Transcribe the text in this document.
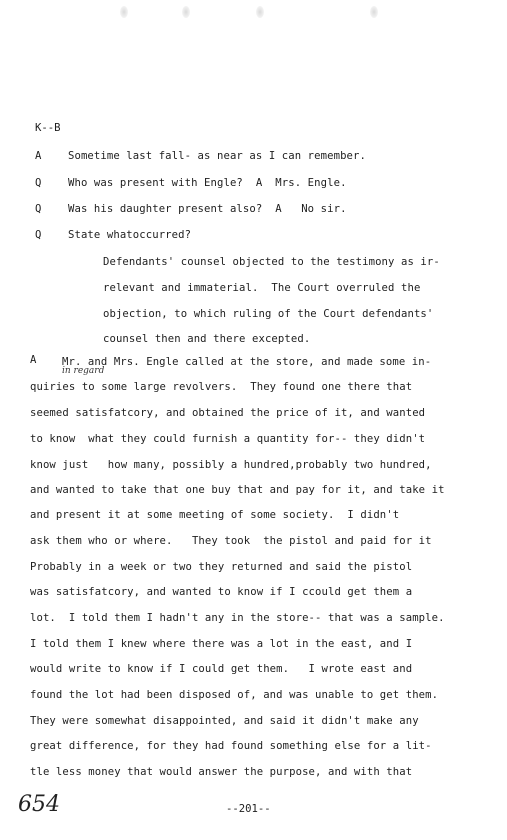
K--B
A	Sometime last fall- as near as I can remember.
Q	Who was present with Engle?  A  Mrs. Engle.
Q	Was his daughter present also?  A   No sir.
Q	State whatoccurred?
Defendants' counsel objected to the testimony as ir-
relevant and immaterial.  The Court overruled the
objection, to which ruling of the Court defendants'
counsel then and there excepted.
A
in regard
Mr. and Mrs. Engle called at the store, and made some in-
quiries to some large revolvers.  They found one there that
seemed satisfatcory, and obtained the price of it, and wanted
to know  what they could furnish a quantity for-- they didn't
know just   how many, possibly a hundred,probably two hundred,
and wanted to take that one buy that and pay for it, and take it
and present it at some meeting of some society.  I didn't
ask them who or where.   They took  the pistol and paid for it
Probably in a week or two they returned and said the pistol
was satisfatcory, and wanted to know if I ccould get them a
lot.  I told them I hadn't any in the store-- that was a sample.
I told them I knew where there was a lot in the east, and I
would write to know if I could get them.   I wrote east and
found the lot had been disposed of, and was unable to get them.
They were somewhat disappointed, and said it didn't make any
great difference, for they had found something else for a lit-
tle less money that would answer the purpose, and with that
654	--201--
